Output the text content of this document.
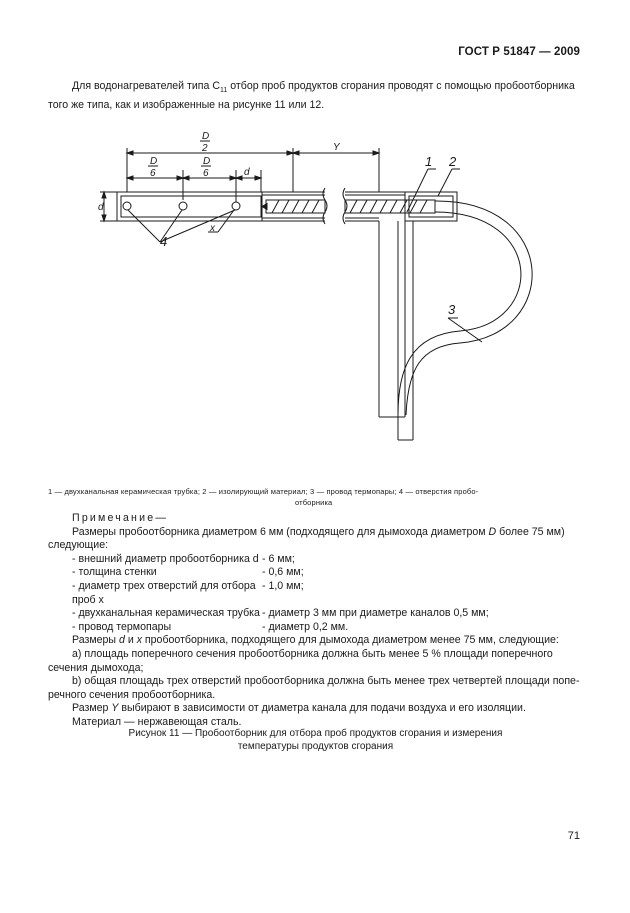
ГОСТ Р 51847 — 2009

Для водонагревателей типа $С_{11}$ отбор проб продуктов сгорания проводят с помощью пробоотборника

того же типа, как и изображенные на рисунке 11 или 12.

D
2
D
6
D
6
Y
d
d
x
1 2
3
4
1 — двухканальная керамическая трубка; 2 — изолирующий материал; 3 — провод термопары; 4 — отверстия пробо-
отборника

Примечание—

Размеры пробоотборника диаметром 6 мм (подходящего для дымохода диаметром D более 75 мм)

следующие:

- внешний диаметр пробоотборника d - 6 мм;
- толщина стенки	- 0,6 мм;
- диаметр трех отверстий для отбора проб x
- 1,0 мм;
- двухканальная керамическая трубка - диаметр 3 мм при диаметре каналов 0,5 мм;
- провод термопары	- диаметр 0,2 мм.

Размеры d и x пробоотборника, подходящего для дымохода диаметром менее 75 мм, следующие:

a) площадь поперечного сечения пробоотборника должна быть менее 5 % площади поперечного

сечения дымохода;

b) общая площадь трех отверстий пробоотборника должна быть менее трех четвертей площади попе-

речного сечения пробоотборника.

Размер Y выбирают в зависимости от диаметра канала для подачи воздуха и его изоляции.

Материал — нержавеющая сталь.

Рисунок 11 — Пробоотборник для отбора проб продуктов сгорания и измерения
температуры продуктов сгорания
71
